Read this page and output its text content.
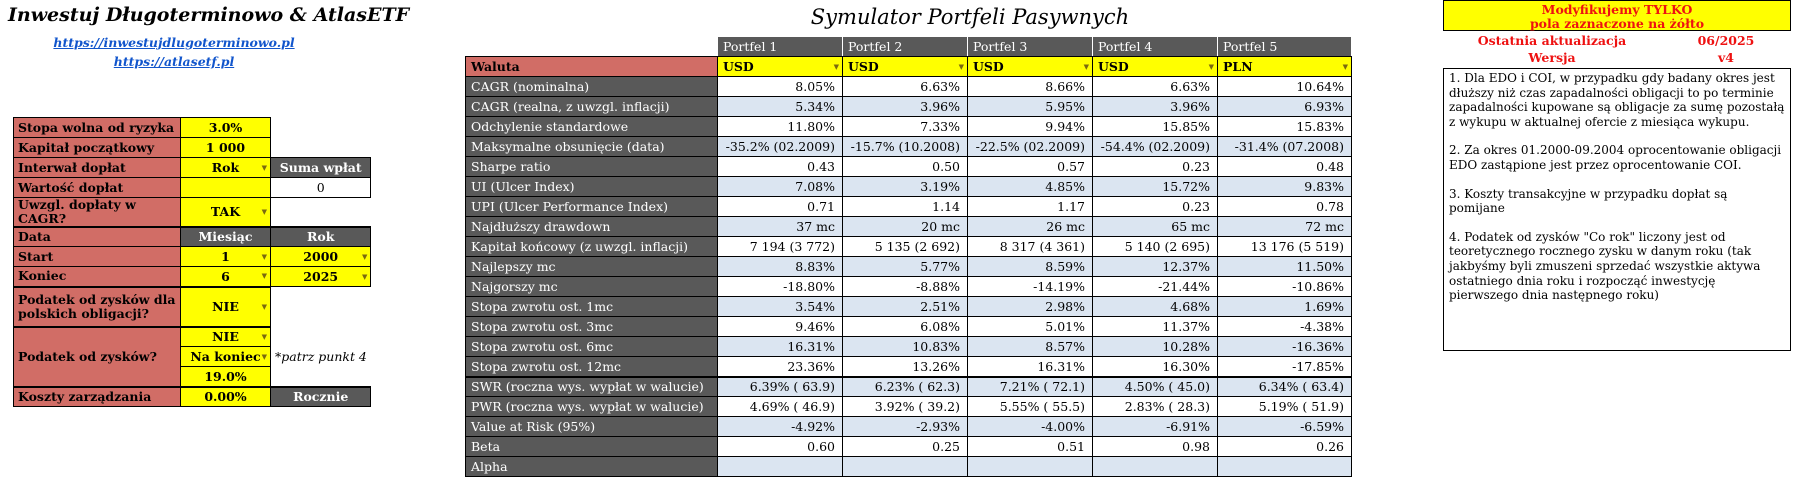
Inwestuj Długoterminowo & AtlasETF
https://inwestujdlugoterminowo.pl
https://atlasetf.pl
Symulator Portfeli Pasywnych
Stopa wolna od ryzyka	3.0%	
Kapitał początkowy	1 000	
Interwał dopłat	Rok ▼	Suma wpłat
Wartość dopłat		0
Uwzgl. dopłaty w CAGR?	TAK ▼	

Data	Miesiąc	Rok
Start	1 ▼	2000 ▼

Koniec	6 ▼	2025 ▼

Podatek od zysków dla polskich obligacji?	NIE ▼	

Podatek od zysków?	NIE ▼	

	Na koniec ▼	*patrz punkt 4
	19.0%	
Koszty zarządzania	0.00%	Rocznie
	Portfel 1	Portfel 2	Portfel 3	Portfel 4	Portfel 5
Waluta	USD ▼	USD ▼	USD ▼	USD ▼	PLN ▼

CAGR (nominalna)	8.05%	6.63%	8.66%	6.63%	10.64%
CAGR (realna, z uwzgl. inflacji)	5.34%	3.96%	5.95%	3.96%	6.93%
Odchylenie standardowe	11.80%	7.33%	9.94%	15.85%	15.83%
Maksymalne obsunięcie (data)	-35.2% (02.2009)	-15.7% (10.2008)	-22.5% (02.2009)	-54.4% (02.2009)	-31.4% (07.2008)
Sharpe ratio	0.43	0.50	0.57	0.23	0.48
UI (Ulcer Index)	7.08%	3.19%	4.85%	15.72%	9.83%
UPI (Ulcer Performance Index)	0.71	1.14	1.17	0.23	0.78
Najdłuższy drawdown	37 mc	20 mc	26 mc	65 mc	72 mc
Kapitał końcowy (z uwzgl. inflacji)	7 194 (3 772)	5 135 (2 692)	8 317 (4 361)	5 140 (2 695)	13 176 (5 519)
Najlepszy mc	8.83%	5.77%	8.59%	12.37%	11.50%
Najgorszy mc	-18.80%	-8.88%	-14.19%	-21.44%	-10.86%
Stopa zwrotu ost. 1mc	3.54%	2.51%	2.98%	4.68%	1.69%
Stopa zwrotu ost. 3mc	9.46%	6.08%	5.01%	11.37%	-4.38%
Stopa zwrotu ost. 6mc	16.31%	10.83%	8.57%	10.28%	-16.36%
Stopa zwrotu ost. 12mc	23.36%	13.26%	16.31%	16.30%	-17.85%
SWR (roczna wys. wypłat w walucie)	6.39% ( 63.9)	6.23% ( 62.3)	7.21% ( 72.1)	4.50% ( 45.0)	6.34% ( 63.4)
PWR (roczna wys. wypłat w walucie)	4.69% ( 46.9)	3.92% ( 39.2)	5.55% ( 55.5)	2.83% ( 28.3)	5.19% ( 51.9)
Value at Risk (95%)	-4.92%	-2.93%	-4.00%	-6.91%	-6.59%
Beta	0.60	0.25	0.51	0.98	0.26
Alpha					
Modyfikujemy TYLKO
pola zaznaczone na żółto
Ostatnia aktualizacja	06/2025
Wersja	v4

1. Dla EDO i COI, w przypadku gdy badany okres jest dłuższy niż czas zapadalności obligacji to po terminie zapadalności kupowane są obligacje za sumę pozostałą z wykupu w aktualnej ofercie z miesiąca wykupu.

2. Za okres 01.2000-09.2004 oprocentowanie obligacji EDO zastąpione jest przez oprocentowanie COI.

3. Koszty transakcyjne w przypadku dopłat są pomijane

4. Podatek od zysków "Co rok" liczony jest od teoretycznego rocznego zysku w danym roku (tak jakbyśmy byli zmuszeni sprzedać wszystkie aktywa ostatniego dnia roku i rozpocząć inwestycję pierwszego dnia następnego roku)
